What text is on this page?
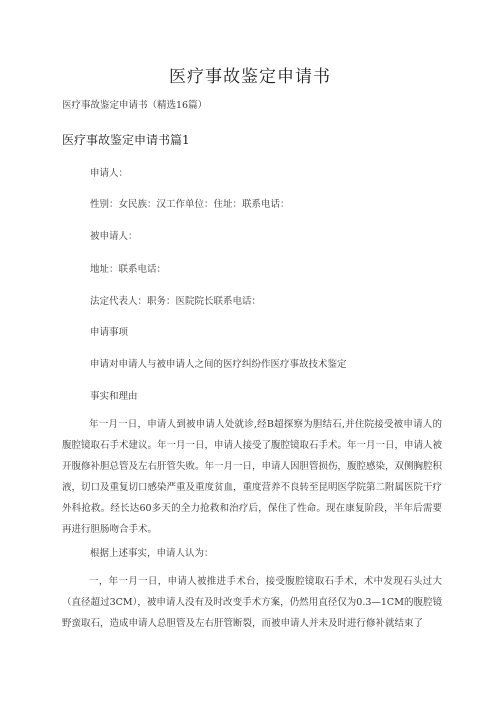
医疗事故鉴定申请书
医疗事故鉴定申请书（精选16篇）
医疗事故鉴定申请书篇1
申请人：
性别：女民族：汉工作单位：住址：联系电话：
被申请人：
地址：联系电话：
法定代表人：职务：医院院长联系电话：
申请事项
申请对申请人与被申请人之间的医疗纠纷作医疗事故技术鉴定
事实和理由
年一月一日，申请人到被申请人处就诊,经B超探察为胆结石,并住院接受被申请人的腹腔镜取石手术建议。年一月一日，申请人接受了腹腔镜取石手术。年一月一日，申请人被开腹修补胆总管及左右肝管失败。年一月一日，申请人因胆管损伤，腹腔感染，双侧胸腔积液，切口及重复切口感染严重及重度贫血，重度营养不良转至昆明医学院第二附属医院干疗外科抢救。经长达60多天的全力抢救和治疗后，保住了性命。现在康复阶段，半年后需要再进行胆肠吻合手术。
根据上述事实，申请人认为：
一，年一月一日，申请人被推进手术台，接受腹腔镜取石手术，术中发现石头过大（直径超过3CM），被申请人没有及时改变手术方案，仍然用直径仅为0.3—1CM的腹腔镜野蛮取石，造成申请人总胆管及左右肝管断裂，而被申请人并未及时进行修补就结束了
